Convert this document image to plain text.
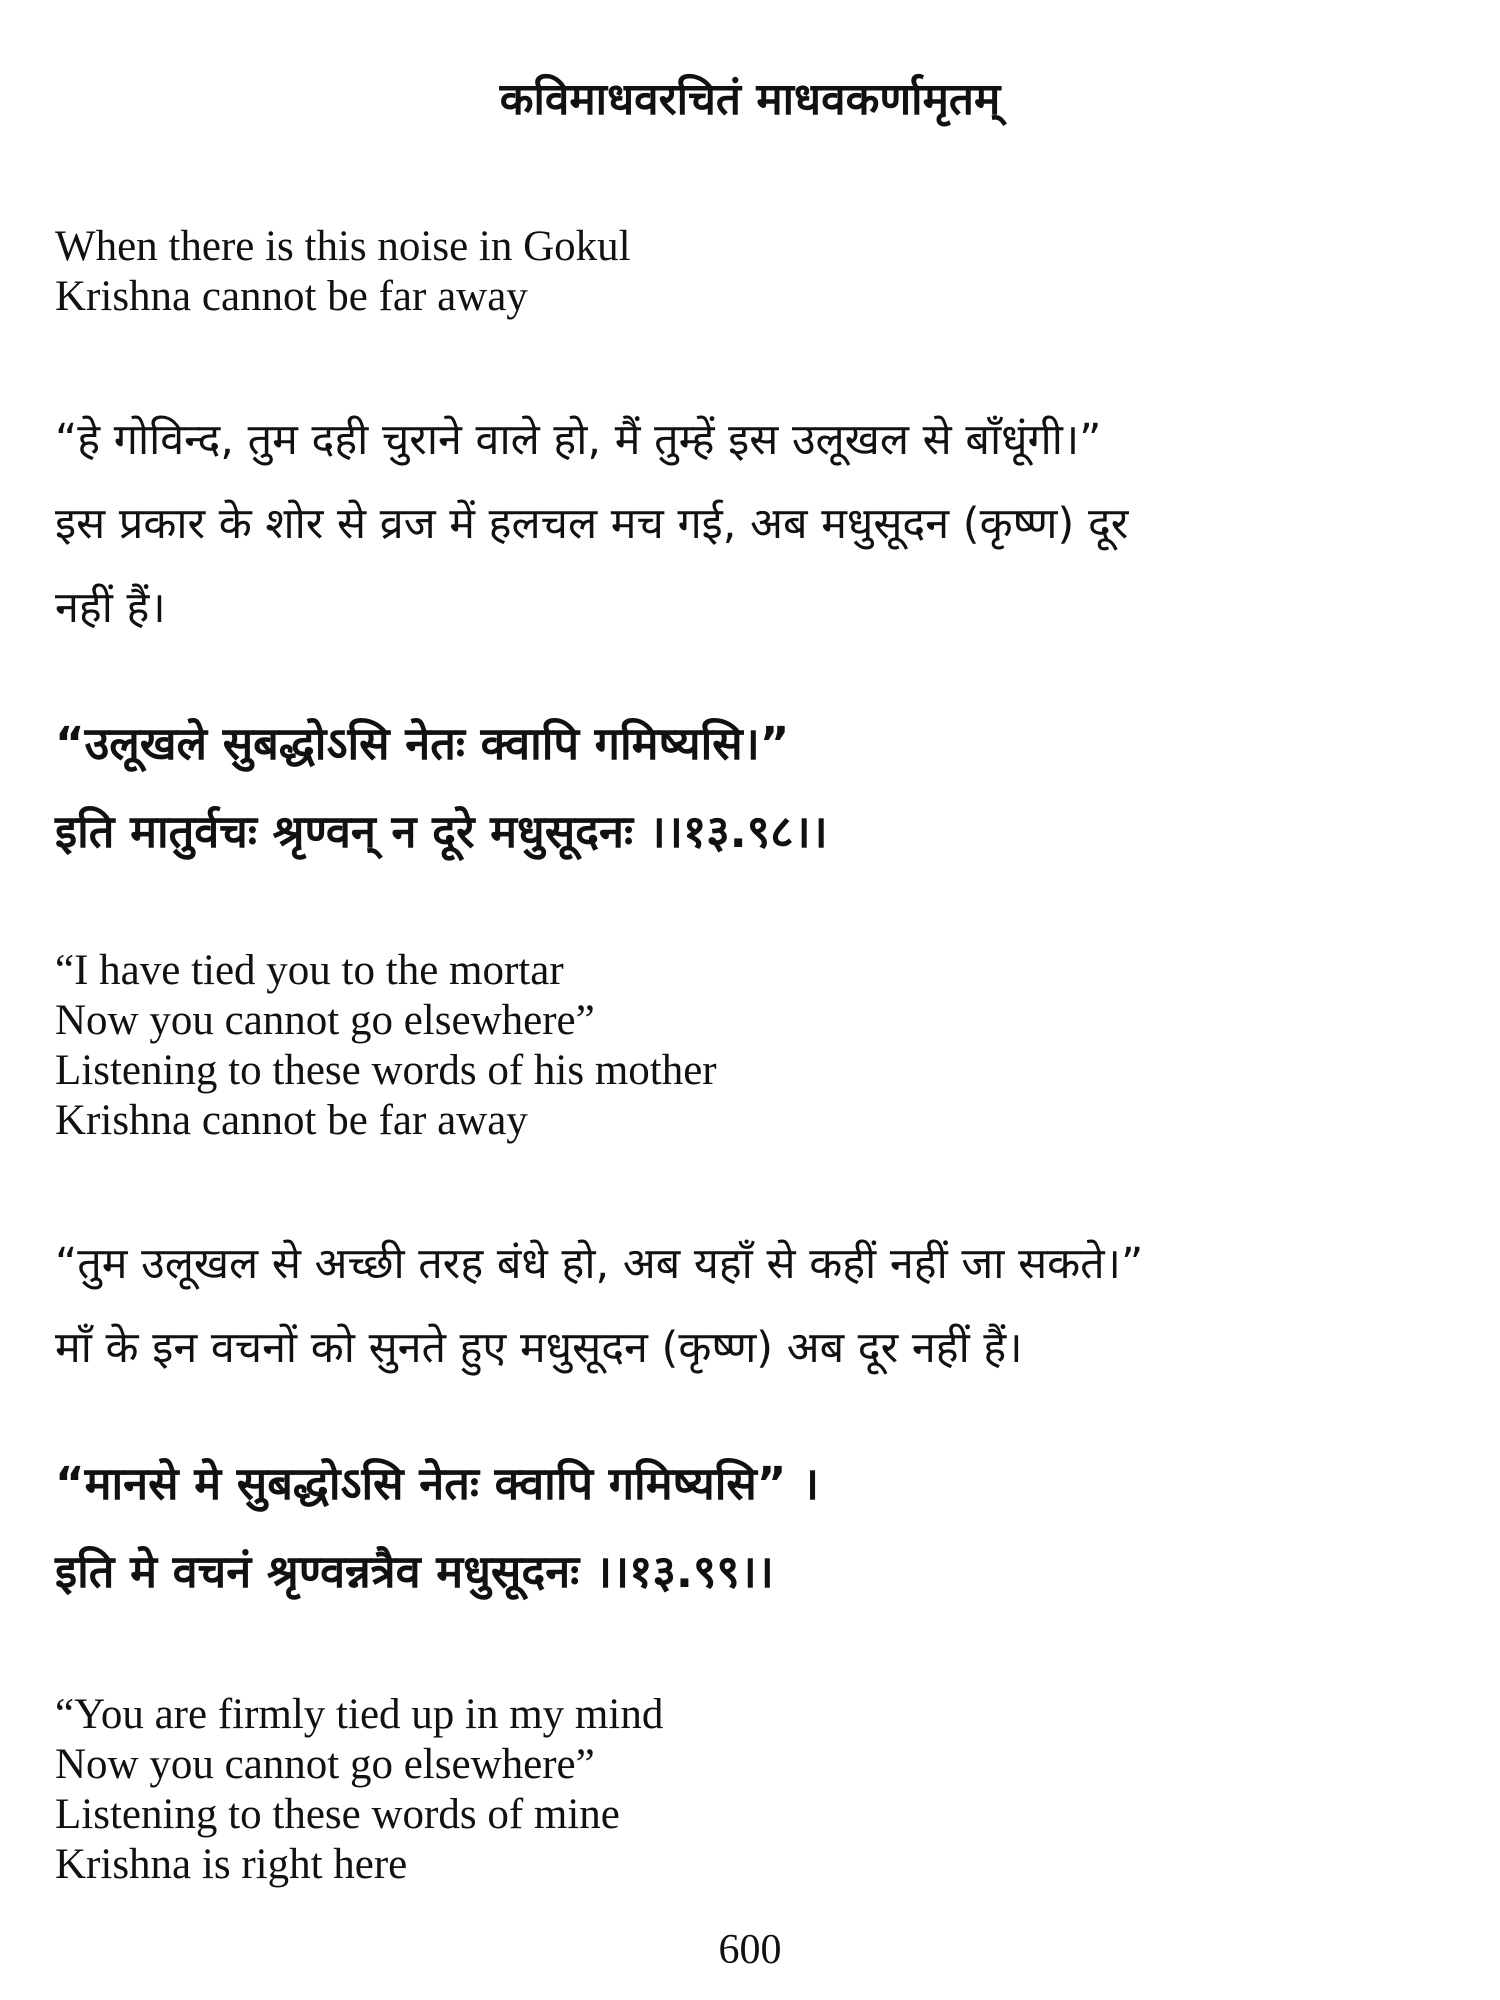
कविमाधवरचितं माधवकर्णामृतम्
When there is this noise in Gokul
Krishna cannot be far away
“हे गोविन्द, तुम दही चुराने वाले हो, मैं तुम्हें इस उलूखल से बाँधूंगी।”
इस प्रकार के शोर से व्रज में हलचल मच गई, अब मधुसूदन (कृष्ण) दूर
नहीं हैं।
“उलूखले सुबद्धोऽसि नेतः क्वापि गमिष्यसि।”
इति मातुर्वचः श्रृण्वन् न दूरे मधुसूदनः ।।१३.९८।।
“I have tied you to the mortar
Now you cannot go elsewhere”
Listening to these words of his mother
Krishna cannot be far away
“तुम उलूखल से अच्छी तरह बंधे हो, अब यहाँ से कहीं नहीं जा सकते।”
माँ के इन वचनों को सुनते हुए मधुसूदन (कृष्ण) अब दूर नहीं हैं।
“मानसे मे सुबद्धोऽसि नेतः क्वापि गमिष्यसि” ।
इति मे वचनं श्रृण्वन्नत्रैव मधुसूदनः ।।१३.९९।।
“You are firmly tied up in my mind
Now you cannot go elsewhere”
Listening to these words of mine
Krishna is right here
600
